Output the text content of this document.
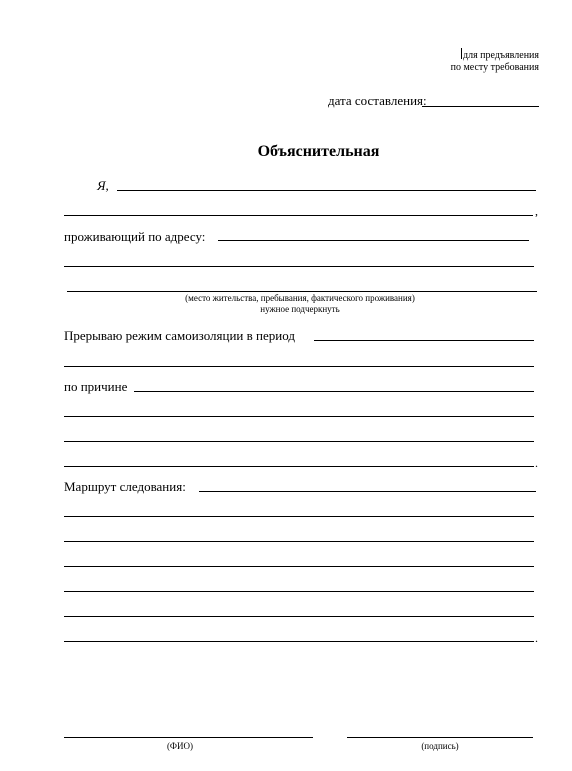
для предъявления
по месту требования
дата составления:
Объяснительная
Я,
,
проживающий по адресу:
(место жительства, пребывания, фактического проживания)
нужное подчеркнуть
Прерываю режим самоизоляции в период
по причине
.
Маршрут следования:
.
(ФИО)	(подпись)
